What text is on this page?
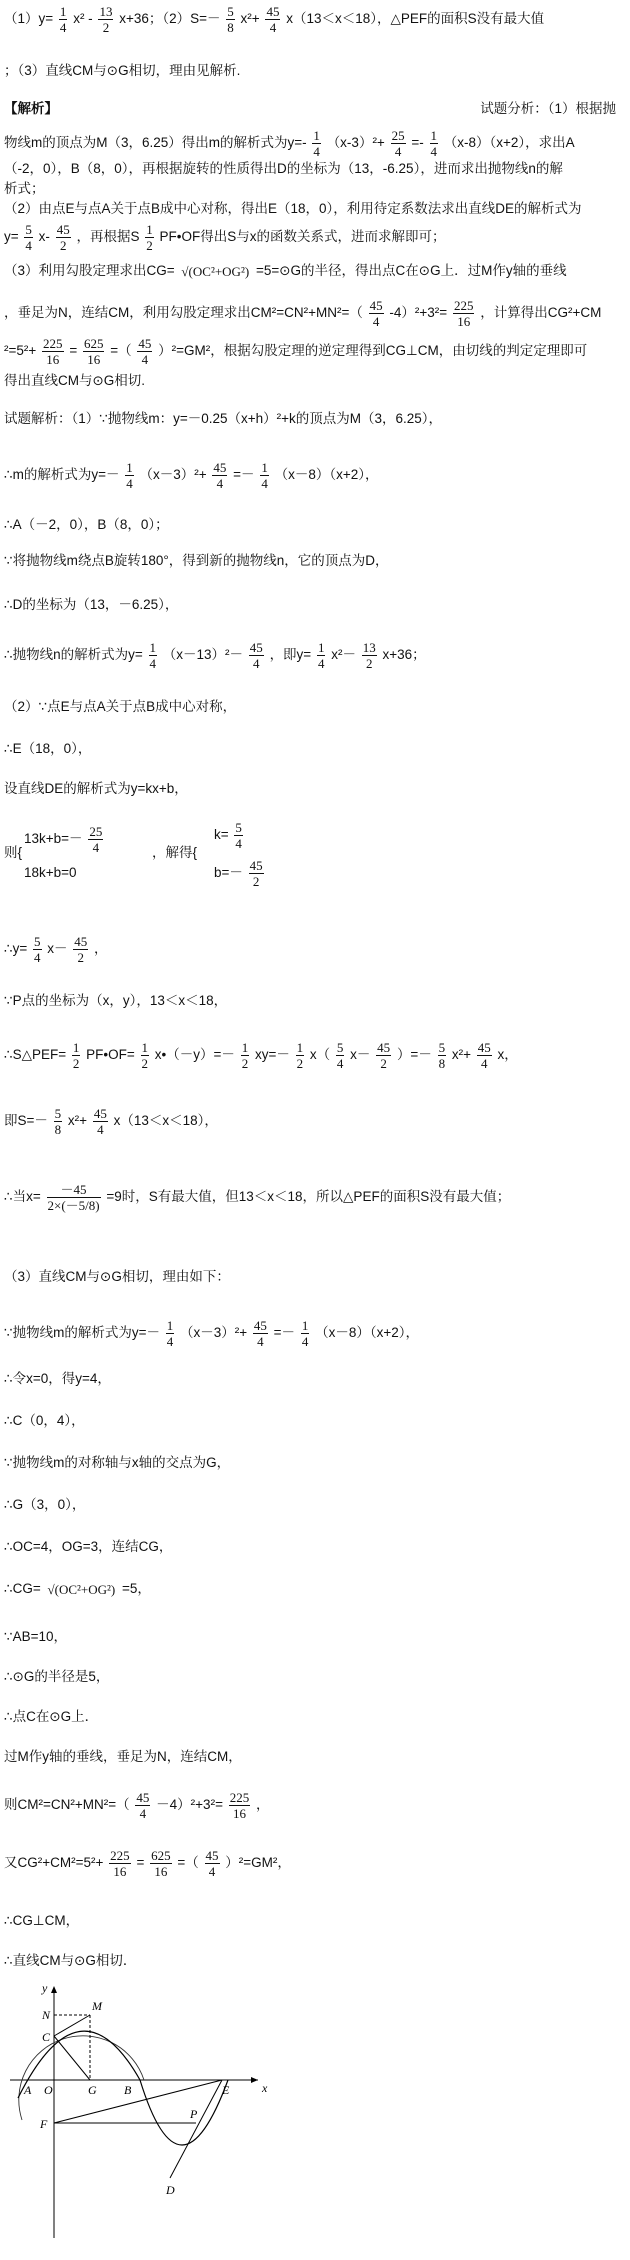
$(1)y= \frac{1}{4} x^2 - \frac{13}{2} x+36$；$(2)S=- \frac{5}{8} x^2+ \frac{45}{4} x(13<x<18)$，△PEF的面积S没有最大值
；（3）直线CM与⊙G相切，理由见解析.
【解析】	试题分析：（1）根据抛
物线m的顶点为M（3，6.25）得出m的解析式为$y=- \frac{1}{4} (x-3)^2+ \frac{25}{4} =- \frac{1}{4} (x-8)(x+2)$，求出A
（-2，0），B（8，0），再根据旋转的性质得出D的坐标为（13，-6.25），进而求出抛物线n的解
析式；
（2）由点E与点A关于点B成中心对称，得出E（18，0），利用待定系数法求出直线DE的解析式为
$y= \frac{5}{4} x- \frac{45}{2}$ ，再根据S $\frac{1}{2}$ PF•OF得出S与x的函数关系式，进而求解即可；
（3）利用勾股定理求出CG= √(OC²+OG²) =5=⊙G的半径，得出点C在⊙G上．过M作y轴的垂线
，垂足为N，连结CM，利用勾股定理求出$CM^2=CN^2+MN^2=( \frac{45}{4} -4)^2+3^2= \frac{225}{16}$ ，计算得出CG²+CM
$^2=5^2+ \frac{225}{16} = \frac{625}{16}$ =（ $\frac{45}{4} )^2=GM^2$，根据勾股定理的逆定理得到CG⊥CM，由切线的判定定理即可
得出直线CM与⊙G相切.
试题解析：（1）∵抛物线m：y=－0.25（x+h）²+k的顶点为M（3，6.25），
∴m的解析式为$y=- \frac{1}{4} (x-3)^2+ \frac{45}{4} =- \frac{1}{4} (x-8)(x+2)$，
∴A（－2，0），B（8，0）；
∵将抛物线m绕点B旋转180°，得到新的抛物线n，它的顶点为D，
∴D的坐标为（13，－6.25），
∴抛物线n的解析式为$y= \frac{1}{4} (x-13)^2- \frac{45}{4}$ ，即$y= \frac{1}{4} x^2- \frac{13}{2} x+36$；
（2）∵点E与点A关于点B成中心对称，
∴E（18，0），
设直线DE的解析式为y=kx+b，
则{
$13k+b=- \frac{25}{4}$
18k+b=0
，解得{
$k= \frac{5}{4}$
$b=- \frac{45}{2}$
∴y= $\frac{5}{4} x- \frac{45}{2}$ ，
∵P点的坐标为（x，y），13＜x＜18，
∴S△PEF= $\frac{1}{2}$ PF•OF= $\frac{1}{2}$ x•（－y）=－ $\frac{1}{2} xy=- \frac{1}{2} x( \frac{5}{4} x- \frac{45}{2}$ ）=－ $\frac{5}{8} x^2+ \frac{45}{4}$ x，
即$S=- \frac{5}{8} x^2+ \frac{45}{4} x(13<x<18)$，
∴当$x= \frac{-45}{2\times(-5/8)} =9$时，S有最大值，但13＜x＜18，所以△PEF的面积S没有最大值；
（3）直线CM与⊙G相切，理由如下：
∵抛物线m的解析式为$y=- \frac{1}{4} (x-3)^2+ \frac{45}{4} =- \frac{1}{4} (x-8)(x+2)$，
∴令x=0，得y=4，
∴C（0，4），
∵抛物线m的对称轴与x轴的交点为G，
∴G（3，0），
∴OC=4，OG=3，连结CG，
∴CG= √(OC²+OG²) =5，
∵AB=10，
∴⊙G的半径是5，
∴点C在⊙G上．
过M作y轴的垂线，垂足为N，连结CM，
则$CM^2=CN^2+MN^2=( \frac{45}{4} -4)^2+3^2= \frac{225}{16}$ ，
又$CG^2+CM^2=5^2+ \frac{225}{16} = \frac{625}{16}$ =（ $\frac{45}{4} )^2=GM^2$，
∴CG⊥CM，
∴直线CM与⊙G相切．
y
M
N
C
O	G B
A	E
P
F
D
x
